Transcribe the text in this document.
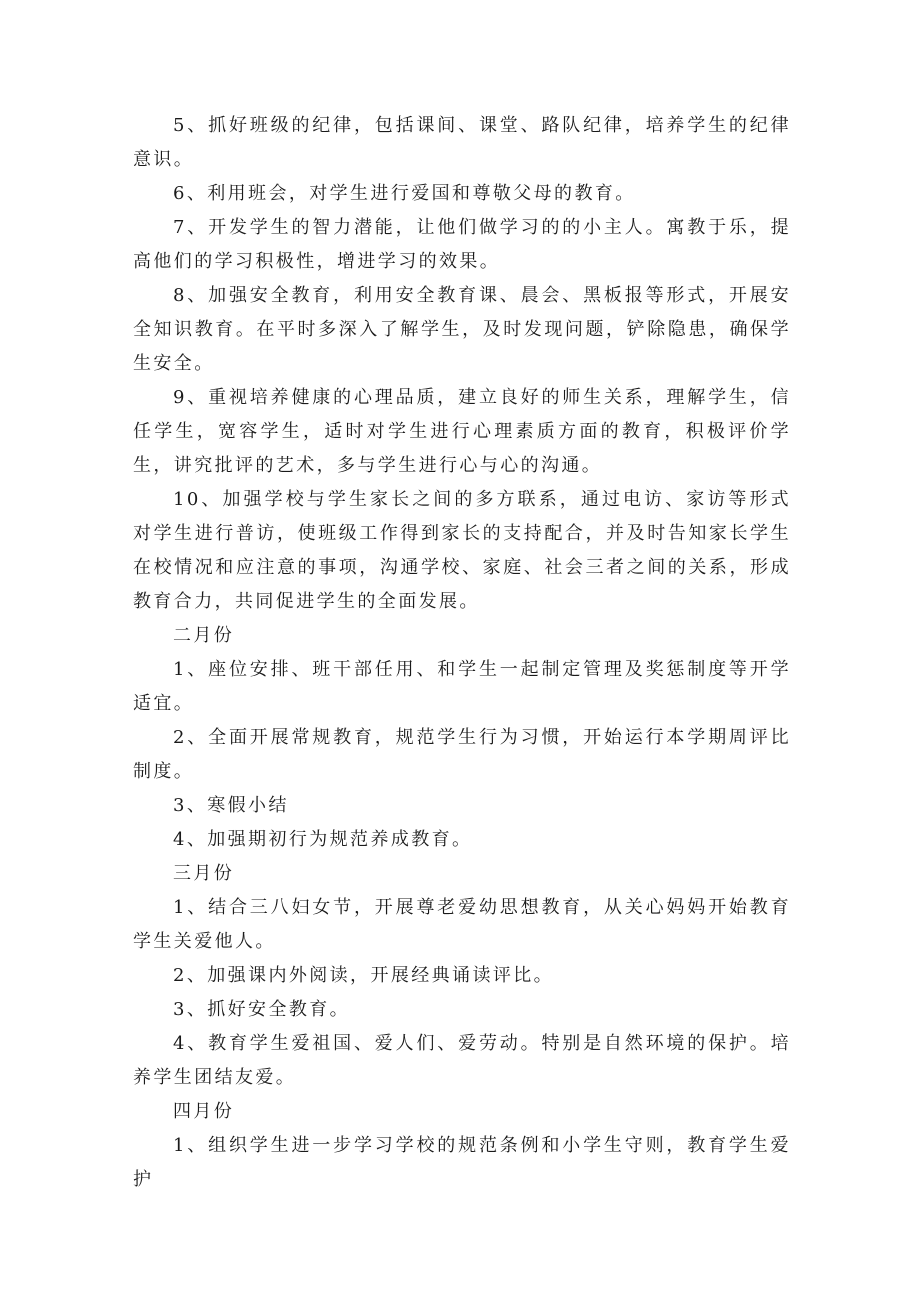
5、抓好班级的纪律，包括课间、课堂、路队纪律，培养学生的纪律意识。

6、利用班会，对学生进行爱国和尊敬父母的教育。

7、开发学生的智力潜能，让他们做学习的的小主人。寓教于乐，提高他们的学习积极性，增进学习的效果。

8、加强安全教育，利用安全教育课、晨会、黑板报等形式，开展安全知识教育。在平时多深入了解学生，及时发现问题，铲除隐患，确保学生安全。

9、重视培养健康的心理品质，建立良好的师生关系，理解学生，信任学生，宽容学生，适时对学生进行心理素质方面的教育，积极评价学生，讲究批评的艺术，多与学生进行心与心的沟通。

10、加强学校与学生家长之间的多方联系，通过电访、家访等形式对学生进行普访，使班级工作得到家长的支持配合，并及时告知家长学生在校情况和应注意的事项，沟通学校、家庭、社会三者之间的关系，形成教育合力，共同促进学生的全面发展。

二月份

1、座位安排、班干部任用、和学生一起制定管理及奖惩制度等开学适宜。

2、全面开展常规教育，规范学生行为习惯，开始运行本学期周评比制度。

3、寒假小结

4、加强期初行为规范养成教育。

三月份

1、结合三八妇女节，开展尊老爱幼思想教育，从关心妈妈开始教育学生关爱他人。

2、加强课内外阅读，开展经典诵读评比。

3、抓好安全教育。

4、教育学生爱祖国、爱人们、爱劳动。特别是自然环境的保护。培养学生团结友爱。

四月份

1、组织学生进一步学习学校的规范条例和小学生守则，教育学生爱护
